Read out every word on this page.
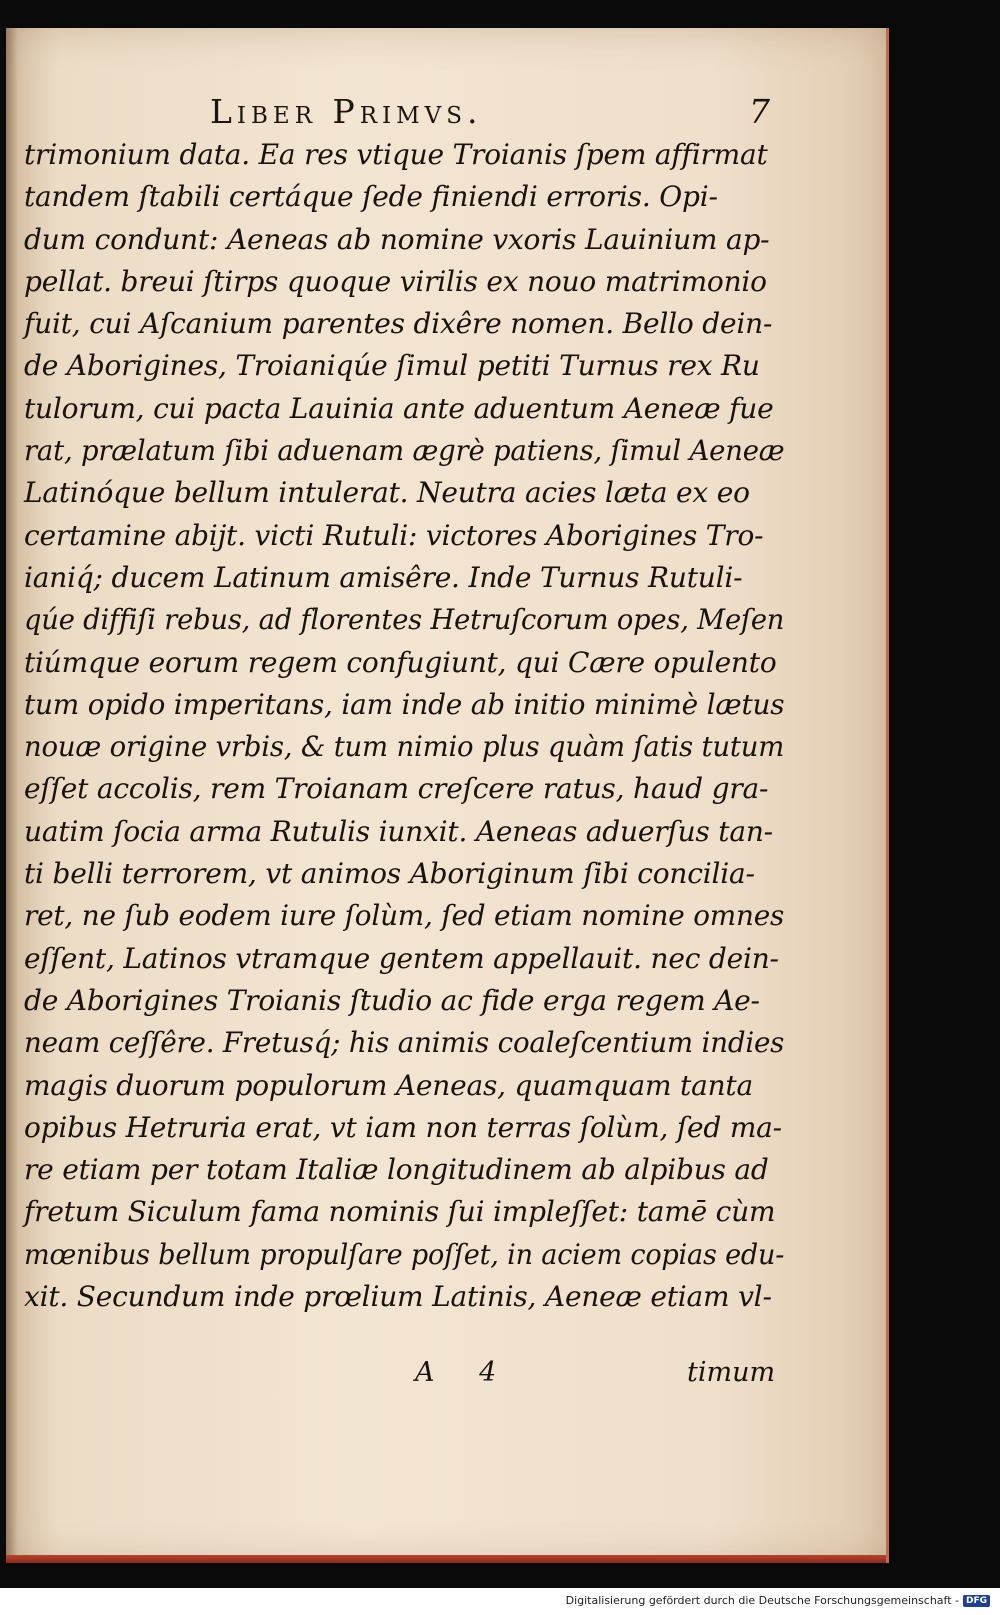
Liber Primvs.	7
trimonium data. Ea res vtique Troianis ſpem affirmat
tandem ſtabili certáque ſede finiendi erroris. Opi-
dum condunt: Aeneas ab nomine vxoris Lauinium ap-
pellat. breui ſtirps quoque virilis ex nouo matrimonio
fuit, cui Aſcanium parentes dixêre nomen. Bello dein-
de Aborigines, Troianiqúe ſimul petiti Turnus rex Ru
tulorum, cui pacta Lauinia ante aduentum Aeneæ fue
rat, prælatum ſibi aduenam ægrè patiens, ſimul Aeneæ
Latinóque bellum intulerat. Neutra acies læta ex eo
certamine abijt. victi Rutuli: victores Aborigines Tro-
ianiq́; ducem Latinum amisêre. Inde Turnus Rutuli-
qúe diffiſi rebus, ad florentes Hetruſcorum opes, Meſen
tiúmque eorum regem confugiunt, qui Cære opulento
tum opido imperitans, iam inde ab initio minimè lætus
nouæ origine vrbis, & tum nimio plus quàm ſatis tutum
eſſet accolis, rem Troianam creſcere ratus, haud gra-
uatim ſocia arma Rutulis iunxit. Aeneas aduerſus tan-
ti belli terrorem, vt animos Aboriginum ſibi concilia-
ret, ne ſub eodem iure ſolùm, ſed etiam nomine omnes
eſſent, Latinos vtramque gentem appellauit. nec dein-
de Aborigines Troianis ſtudio ac fide erga regem Ae-
neam ceſſêre. Fretusq́; his animis coaleſcentium indies
magis duorum populorum Aeneas, quamquam tanta
opibus Hetruria erat, vt iam non terras ſolùm, ſed ma-
re etiam per totam Italiæ longitudinem ab alpibus ad
fretum Siculum fama nominis ſui impleſſet: tamē cùm
mœnibus bellum propulſare poſſet, in aciem copias edu-
xit. Secundum inde prœlium Latinis, Aeneæ etiam vl-
A 4	timum
Digitalisierung gefördert durch die Deutsche Forschungsgemeinschaft - DFG
